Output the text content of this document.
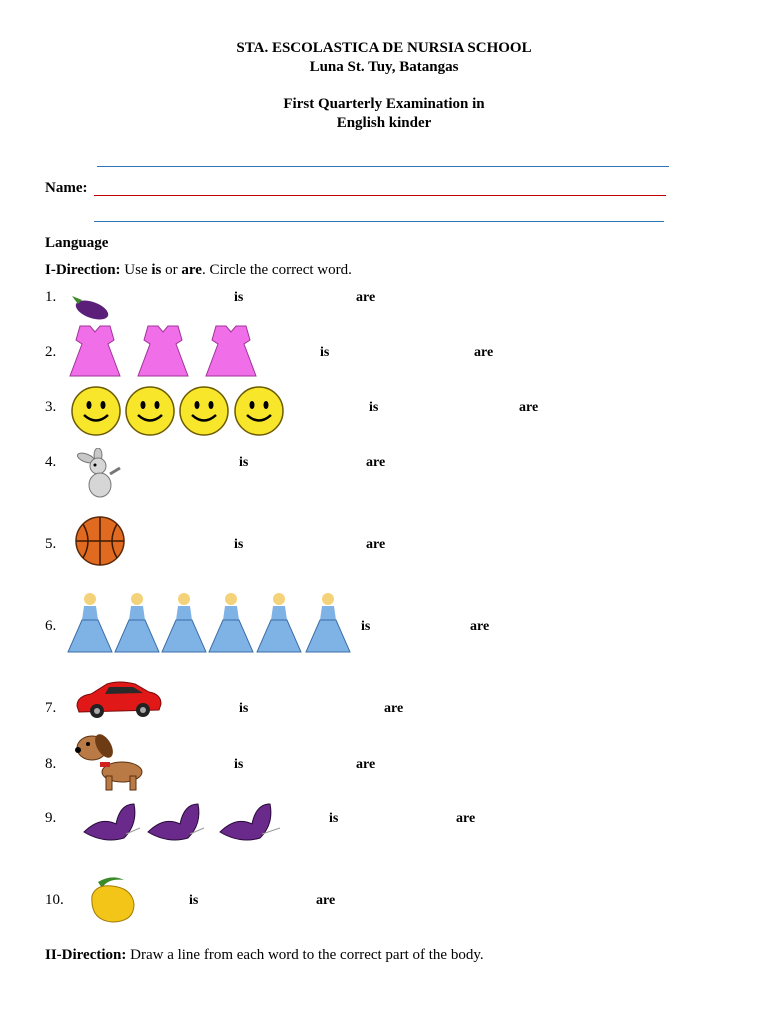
STA. ESCOLASTICA DE NURSIA SCHOOL
Luna St. Tuy, Batangas
First Quarterly Examination in
English kinder
Name:
Language
I-Direction: Use is or are. Circle the correct word.
1.	is	are
2.	is	are
3.	is	are
4.	is	are
5.	is	are
6.	is	are
7.	is	are
8.	is	are
9.	is	are
10.	is	are
II-Direction: Draw a line from each word to the correct part of the body.
